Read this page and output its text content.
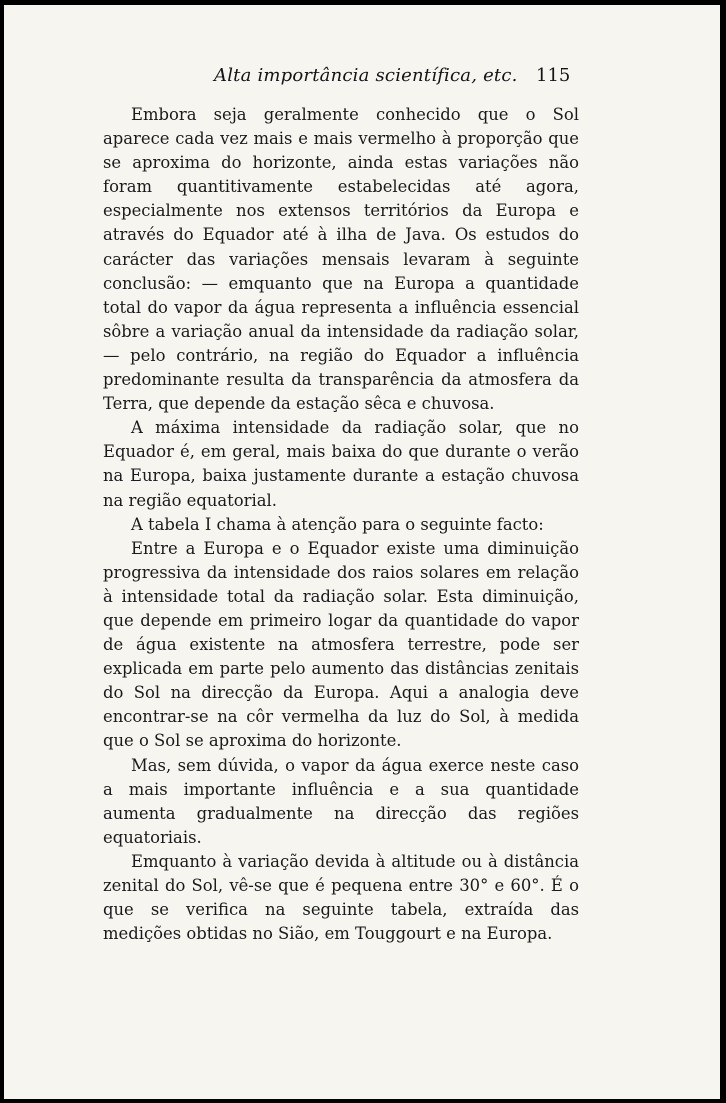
Alta importância scientífica, etc. 115

Embora seja geralmente conhecido que o Sol aparece cada vez mais e mais vermelho à proporção que se aproxima do horizonte, ainda estas variações não foram quantitivamente estabelecidas até agora, especialmente nos extensos territórios da Europa e através do Equador até à ilha de Java. Os estudos do carácter das variações mensais levaram à seguinte conclusão: — emquanto que na Europa a quantidade total do vapor da água representa a influência essencial sôbre a variação anual da intensidade da radiação solar, — pelo contrário, na região do Equador a influência predominante resulta da transparência da atmosfera da Terra, que depende da estação sêca e chuvosa.

A máxima intensidade da radiação solar, que no Equador é, em geral, mais baixa do que durante o verão na Europa, baixa justamente durante a estação chuvosa na região equatorial.

A tabela I chama à atenção para o seguinte facto:

Entre a Europa e o Equador existe uma diminuição progressiva da intensidade dos raios solares em relação à intensidade total da radiação solar. Esta diminuição, que depende em primeiro logar da quantidade do vapor de água existente na atmosfera terrestre, pode ser explicada em parte pelo aumento das distâncias zenitais do Sol na direcção da Europa. Aqui a analogia deve encontrar-se na côr vermelha da luz do Sol, à medida que o Sol se aproxima do horizonte.

Mas, sem dúvida, o vapor da água exerce neste caso a mais importante influência e a sua quantidade aumenta gradualmente na direcção das regiões equatoriais.

Emquanto à variação devida à altitude ou à distância zenital do Sol, vê-se que é pequena entre 30° e 60°. É o que se verifica na seguinte tabela, extraída das medições obtidas no Sião, em Touggourt e na Europa.
